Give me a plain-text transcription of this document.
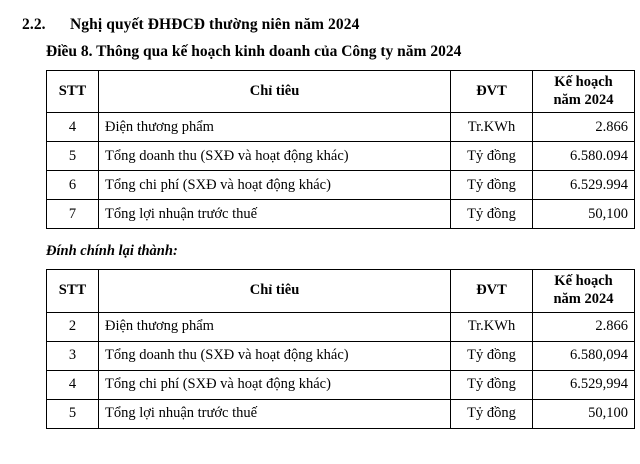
2.2.	Nghị quyết ĐHĐCĐ thường niên năm 2024
Điều 8. Thông qua kế hoạch kinh doanh của Công ty năm 2024
STT	Chỉ tiêu	ĐVT	Kế hoạch
năm 2024

4	Điện thương phẩm	Tr.KWh	2.866
5	Tổng doanh thu (SXĐ và hoạt động khác)	Tỷ đồng	6.580.094
6	Tổng chi phí (SXĐ và hoạt động khác)	Tỷ đồng	6.529.994
7	Tổng lợi nhuận trước thuế	Tỷ đồng	50,100
Đính chính lại thành:
STT	Chỉ tiêu	ĐVT	Kế hoạch
năm 2024

2	Điện thương phẩm	Tr.KWh	2.866
3	Tổng doanh thu (SXĐ và hoạt động khác)	Tỷ đồng	6.580,094
4	Tổng chi phí (SXĐ và hoạt động khác)	Tỷ đồng	6.529,994
5	Tổng lợi nhuận trước thuế	Tỷ đồng	50,100
